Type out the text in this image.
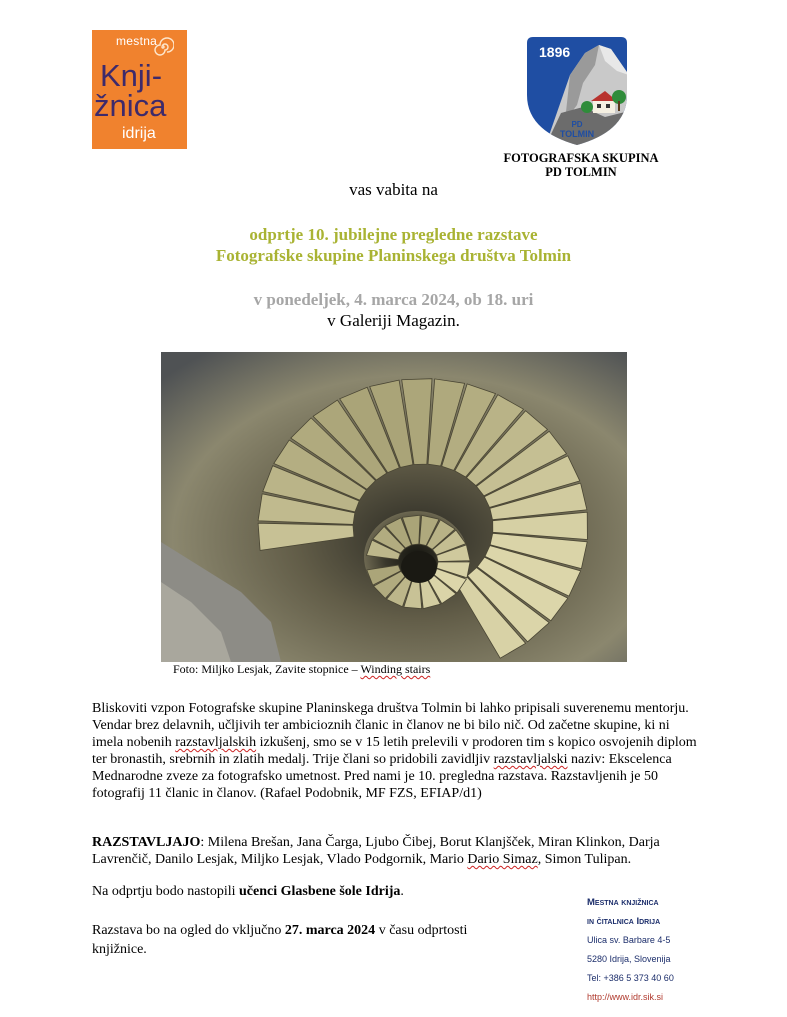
mestna
Knji-
žnica
idrija
1896
PD
TOLMIN
FOTOGRAFSKA SKUPINA
PD TOLMIN
vas vabita na
odprtje 10. jubilejne pregledne razstave
Fotografske skupine Planinskega društva Tolmin
v ponedeljek, 4. marca 2024, ob 18. uri
v Galeriji Magazin.
Foto: Miljko Lesjak, Zavite stopnice – Winding stairs
Bliskoviti vzpon Fotografske skupine Planinskega društva Tolmin bi lahko pripisali suverenemu mentorju. Vendar brez delavnih, učljivih ter ambicioznih članic in članov ne bi bilo nič. Od začetne skupine, ki ni imela nobenih razstavljalskih izkušenj, smo se v 15 letih prelevili v prodoren tim s kopico osvojenih diplom ter bronastih, srebrnih in zlatih medalj. Trije člani so pridobili zavidljiv razstavljalski naziv: Ekscelenca Mednarodne zveze za fotografsko umetnost. Pred nami je 10. pregledna razstava. Razstavljenih je 50 fotografij 11 članic in članov. (Rafael Podobnik, MF FZS, EFIAP/d1)
RAZSTAVLJAJO: Milena Brešan, Jana Čarga, Ljubo Čibej, Borut Klanjšček, Miran Klinkon, Darja Lavrenčič, Danilo Lesjak, Miljko Lesjak, Vlado Podgornik, Mario Dario Simaz, Simon Tulipan.
Na odprtju bodo nastopili učenci Glasbene šole Idrija.
Razstava bo na ogled do vključno 27. marca 2024 v času odprtosti knjižnice.
Mestna knjižnica
in čitalnica Idrija
Ulica sv. Barbare 4-5
5280 Idrija, Slovenija
Tel: +386 5 373 40 60
http://www.idr.sik.si
